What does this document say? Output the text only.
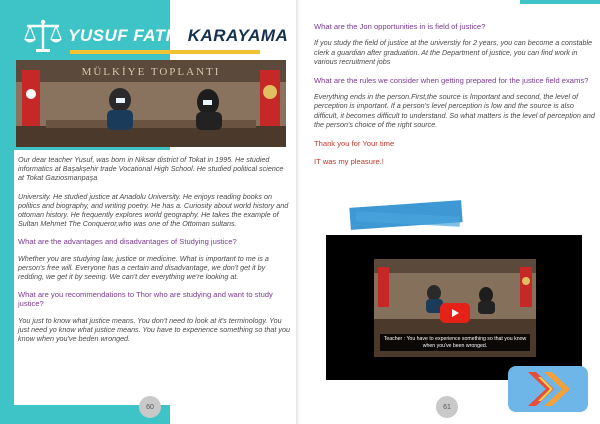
YUSUF FATIH KARAYAMA
MÜLKİYE TOPLANTI

Our dear teacher Yusuf, was born in Niksar district of Tokat in 1995. He studied informatics at Başakşehir trade Vocational High School. He studied political science at Tokat Gaziosmanpaşa

University. He studied justice at Anadolu University. He enjoys reading books on politics and biography, and writing poetry. He has a. Curiosity about world history and ottoman history. He frequently explores world geography. He takes the example of Sultan Mehmet The Conqueror,who was one of the Ottoman sultans.

What are the advantages and disadvantages of Studying justice?

Whether you are studying law, justice or medicine. What is important to me is a person's free will. Everyone has a certain and disadvantage, we don't get it by redding, we get it by seeing. We can't der everything we're looking at.

What are you recommendations to Thor who are studying and want to study justice?

You just to know what justice means. You don't need to look at it's terminology. You just need yo know what justice means. You have to experience something so that you know when you've beden wronged.

60

What are the Jon opportunities in is field of justice?

If you study the field of justice at the universtiy for 2 years, you can become a constable clerk a guardian after graduation. At the Department of justice, you can find work in various recruitment jobs

What are the rules we consider when getting prepared for the justice field exams?

Everything ends in the person.First,the source is İmportant and second, the level of perception is important. If a person's level perception is low and the source is also difficult, it becomes difficult to understand. So what matters is the level of perception and the person's choice of the right source.

Thank you for Your time

IT was my pleasure.!

61
Teacher : You have to experience something so that you know when you've been wronged.
